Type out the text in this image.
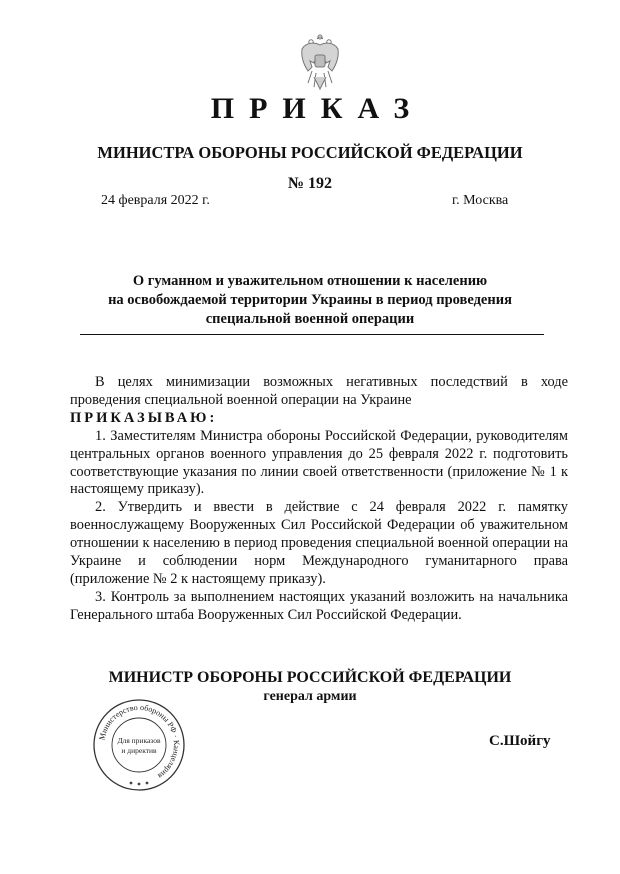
ПРИКАЗ
МИНИСТРА ОБОРОНЫ РОССИЙСКОЙ ФЕДЕРАЦИИ
№ 192
24 февраля 2022 г.	г. Москва
О гуманном и уважительном отношении к населению
на освобождаемой территории Украины в период проведения
специальной военной операции

В целях минимизации возможных негативных последствий в ходе проведения специальной военной операции на Украине

ПРИКАЗЫВАЮ:

1. Заместителям Министра обороны Российской Федерации, руководителям центральных органов военного управления до 25 февраля 2022 г. подготовить соответствующие указания по линии своей ответственности (приложение № 1 к настоящему приказу).

2. Утвердить и ввести в действие с 24 февраля 2022 г. памятку военнослужащему Вооруженных Сил Российской Федерации об уважительном отношении к населению в период проведения специальной военной операции на Украине и соблюдении норм Международного гуманитарного права (приложение № 2 к настоящему приказу).

3. Контроль за выполнением настоящих указаний возложить на начальника Генерального штаба Вооруженных Сил Российской Федерации.

МИНИСТР ОБОРОНЫ РОССИЙСКОЙ ФЕДЕРАЦИИ
генерал армии
С.Шойгу
Министерство обороны РФ · Канцелярия
Для приказов
и директив
